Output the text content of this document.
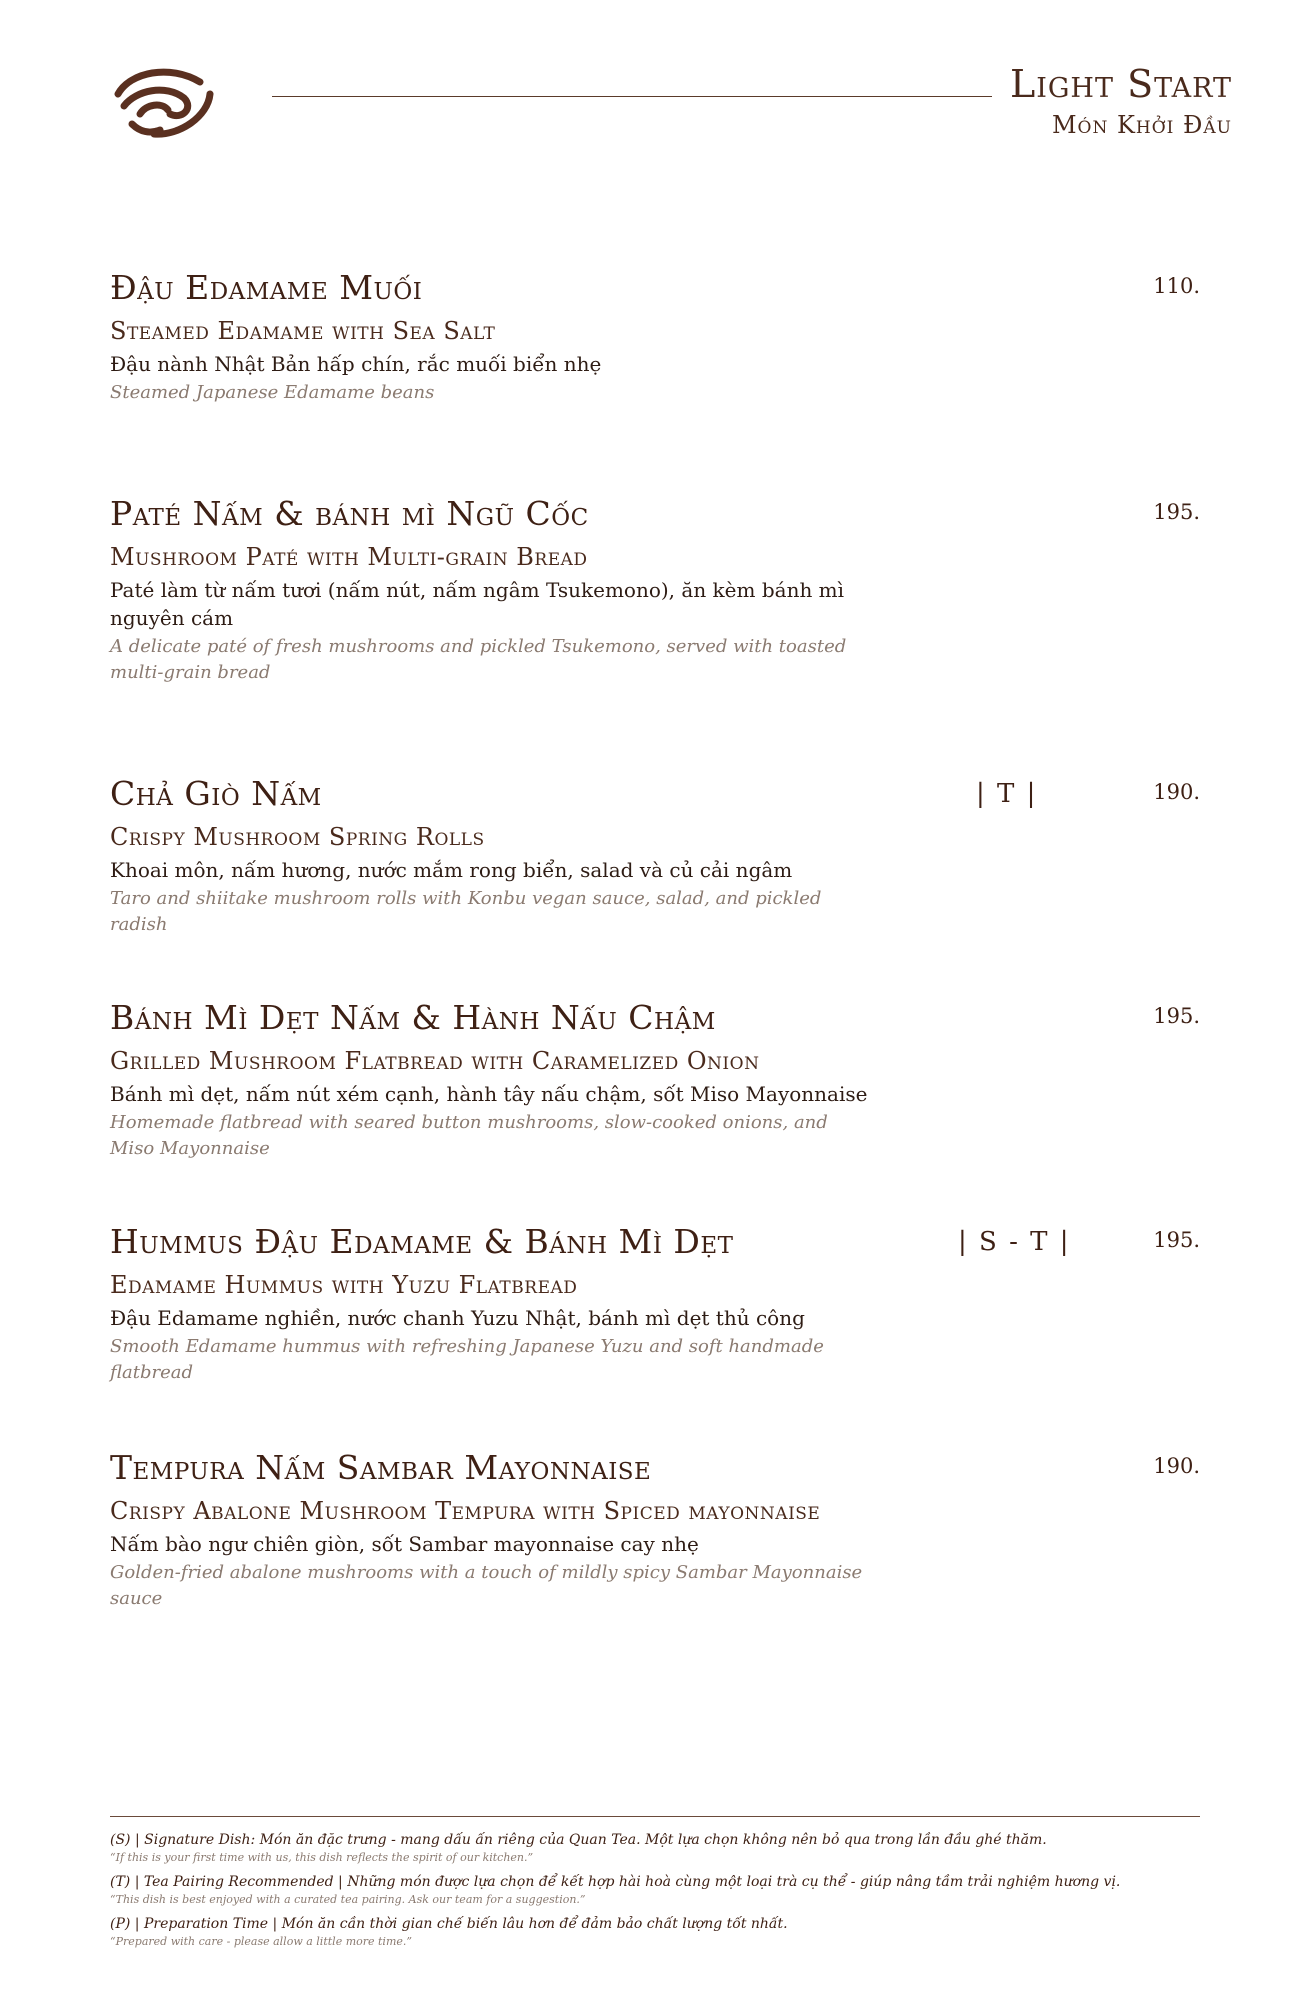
Light Start
Món Khởi Đầu
Đậu Edamame Muối
Steamed Edamame with Sea Salt
Đậu nành Nhật Bản hấp chín, rắc muối biển nhẹ
Steamed Japanese Edamame beans
110.
Paté Nấm & bánh mì Ngũ Cốc
Mushroom Paté with Multi-grain Bread
Paté làm từ nấm tươi (nấm nút, nấm ngâm Tsukemono), ăn kèm bánh mì nguyên cám
A delicate paté of fresh mushrooms and pickled Tsukemono, served with toasted multi-grain bread
195.
Chả Giò Nấm
Crispy Mushroom Spring Rolls
Khoai môn, nấm hương, nước mắm rong biển, salad và củ cải ngâm
Taro and shiitake mushroom rolls with Konbu vegan sauce, salad, and pickled radish
| T |	190.
Bánh Mì Dẹt Nấm & Hành Nấu Chậm
Grilled Mushroom Flatbread with Caramelized Onion
Bánh mì dẹt, nấm nút xém cạnh, hành tây nấu chậm, sốt Miso Mayonnaise
Homemade flatbread with seared button mushrooms, slow-cooked onions, and Miso Mayonnaise
195.
Hummus Đậu Edamame & Bánh Mì Dẹt
Edamame Hummus with Yuzu Flatbread
Đậu Edamame nghiền, nước chanh Yuzu Nhật, bánh mì dẹt thủ công
Smooth Edamame hummus with refreshing Japanese Yuzu and soft handmade flatbread
| S - T |	195.
Tempura Nấm Sambar Mayonnaise
Crispy Abalone Mushroom Tempura with Spiced mayonnaise
Nấm bào ngư chiên giòn, sốt Sambar mayonnaise cay nhẹ
Golden-fried abalone mushrooms with a touch of mildly spicy Sambar Mayonnaise sauce
190.
(S) | Signature Dish: Món ăn đặc trưng - mang dấu ấn riêng của Quan Tea. Một lựa chọn không nên bỏ qua trong lần đầu ghé thăm.
“If this is your first time with us, this dish reflects the spirit of our kitchen.”
(T) | Tea Pairing Recommended | Những món được lựa chọn để kết hợp hài hoà cùng một loại trà cụ thể - giúp nâng tầm trải nghiệm hương vị.
“This dish is best enjoyed with a curated tea pairing. Ask our team for a suggestion.”
(P) | Preparation Time | Món ăn cần thời gian chế biến lâu hơn để đảm bảo chất lượng tốt nhất.
“Prepared with care - please allow a little more time.”
